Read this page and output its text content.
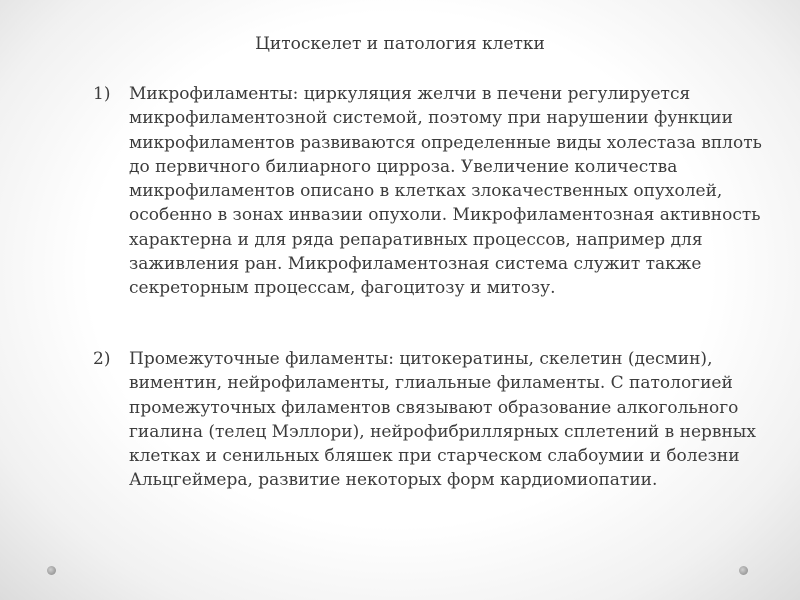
Цитоскелет и патология клетки
1) Микрофиламенты: циркуляция желчи в печени регулируется микрофиламентозной системой, поэтому при нарушении функции микрофиламентов развиваются определенные виды холестаза вплоть до первичного билиарного цирроза. Увеличение количества микрофиламентов описано в клетках злокачественных опухолей, особенно в зонах инвазии опухоли. Микрофиламентозная активность характерна и для ряда репаративных процессов, например для заживления ран. Микрофиламентозная система служит также секреторным процессам, фагоцитозу и митозу.
2) Промежуточные филаменты: цитокератины, скелетин (десмин), виментин, нейрофиламенты, глиальные филаменты. С патологией промежуточных филаментов связывают образование алкогольного гиалина (телец Мэллори), нейрофибриллярных сплетений в нервных клетках и сенильных бляшек при старческом слабоумии и болезни Альцгеймера, развитие некоторых форм кардиомиопатии.
